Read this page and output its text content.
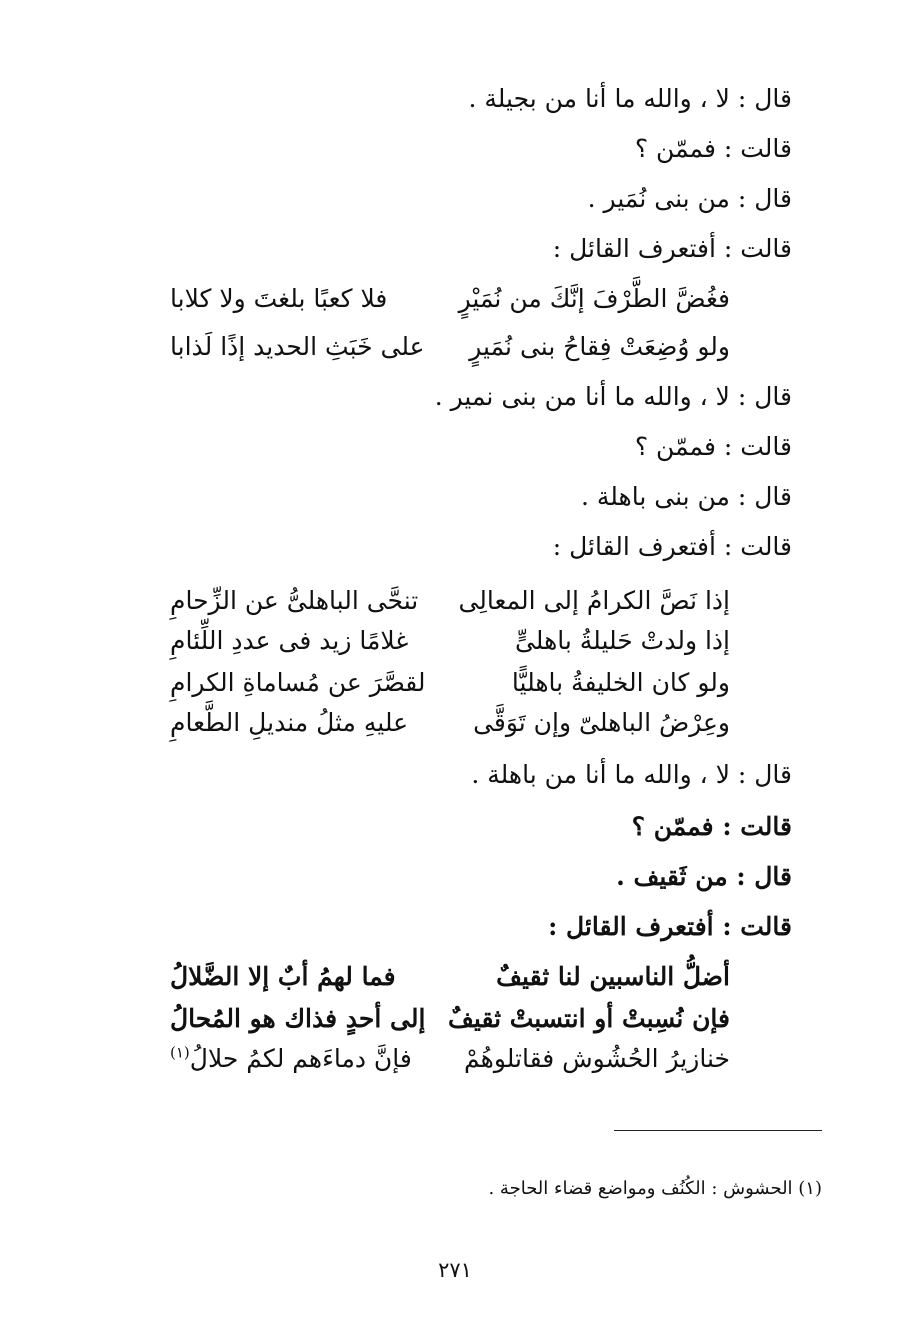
قال : لا ، والله ما أنا من بجيلة .
قالت : فممّن ؟
قال : من بنى نُمَير .
قالت : أفتعرف القائل :
فغُضَّ الطَّرْفَ إنَّكَ من نُمَيْرٍ
فلا كعبًا بلغتَ ولا كلابا
ولو وُضِعَتْ فِقاحُ بنى نُمَيرٍ
على خَبَثِ الحديد إذًا لَذابا
قال : لا ، والله ما أنا من بنى نمير .
قالت : فممّن ؟
قال : من بنى باهلة .
قالت : أفتعرف القائل :
إذا نَصَّ الكرامُ إلى المعالِى
تنحَّى الباهلىُّ عن الزِّحامِ
إذا ولدتْ حَليلةُ باهلىٍّ
غلامًا زيد فى عددِ اللِّئامِ
ولو كان الخليفةُ باهليًّا
لقصَّرَ عن مُساماةِ الكرامِ
وعِرْضُ الباهلىّ وإن تَوَقَّى
عليهِ مثلُ منديلِ الطَّعامِ
قال : لا ، والله ما أنا من باهلة .
قالت : فممّن ؟
قال : من ثَقيف .
قالت : أفتعرف القائل :
أضلُّ الناسبين لنا ثقيفٌ
فما لهمُ أبٌ إلا الضَّلالُ
فإن نُسِبتْ أو انتسبتْ ثقيفٌ
إلى أحدٍ فذاك هو المُحالُ
خنازيرُ الحُشُوش فقاتلوهُمْ
فإنَّ دماءَهم لكمُ حلالُ$^{(١)}$
(١) الحشوش : الكُنُف ومواضع قضاء الحاجة .
٢٧١
